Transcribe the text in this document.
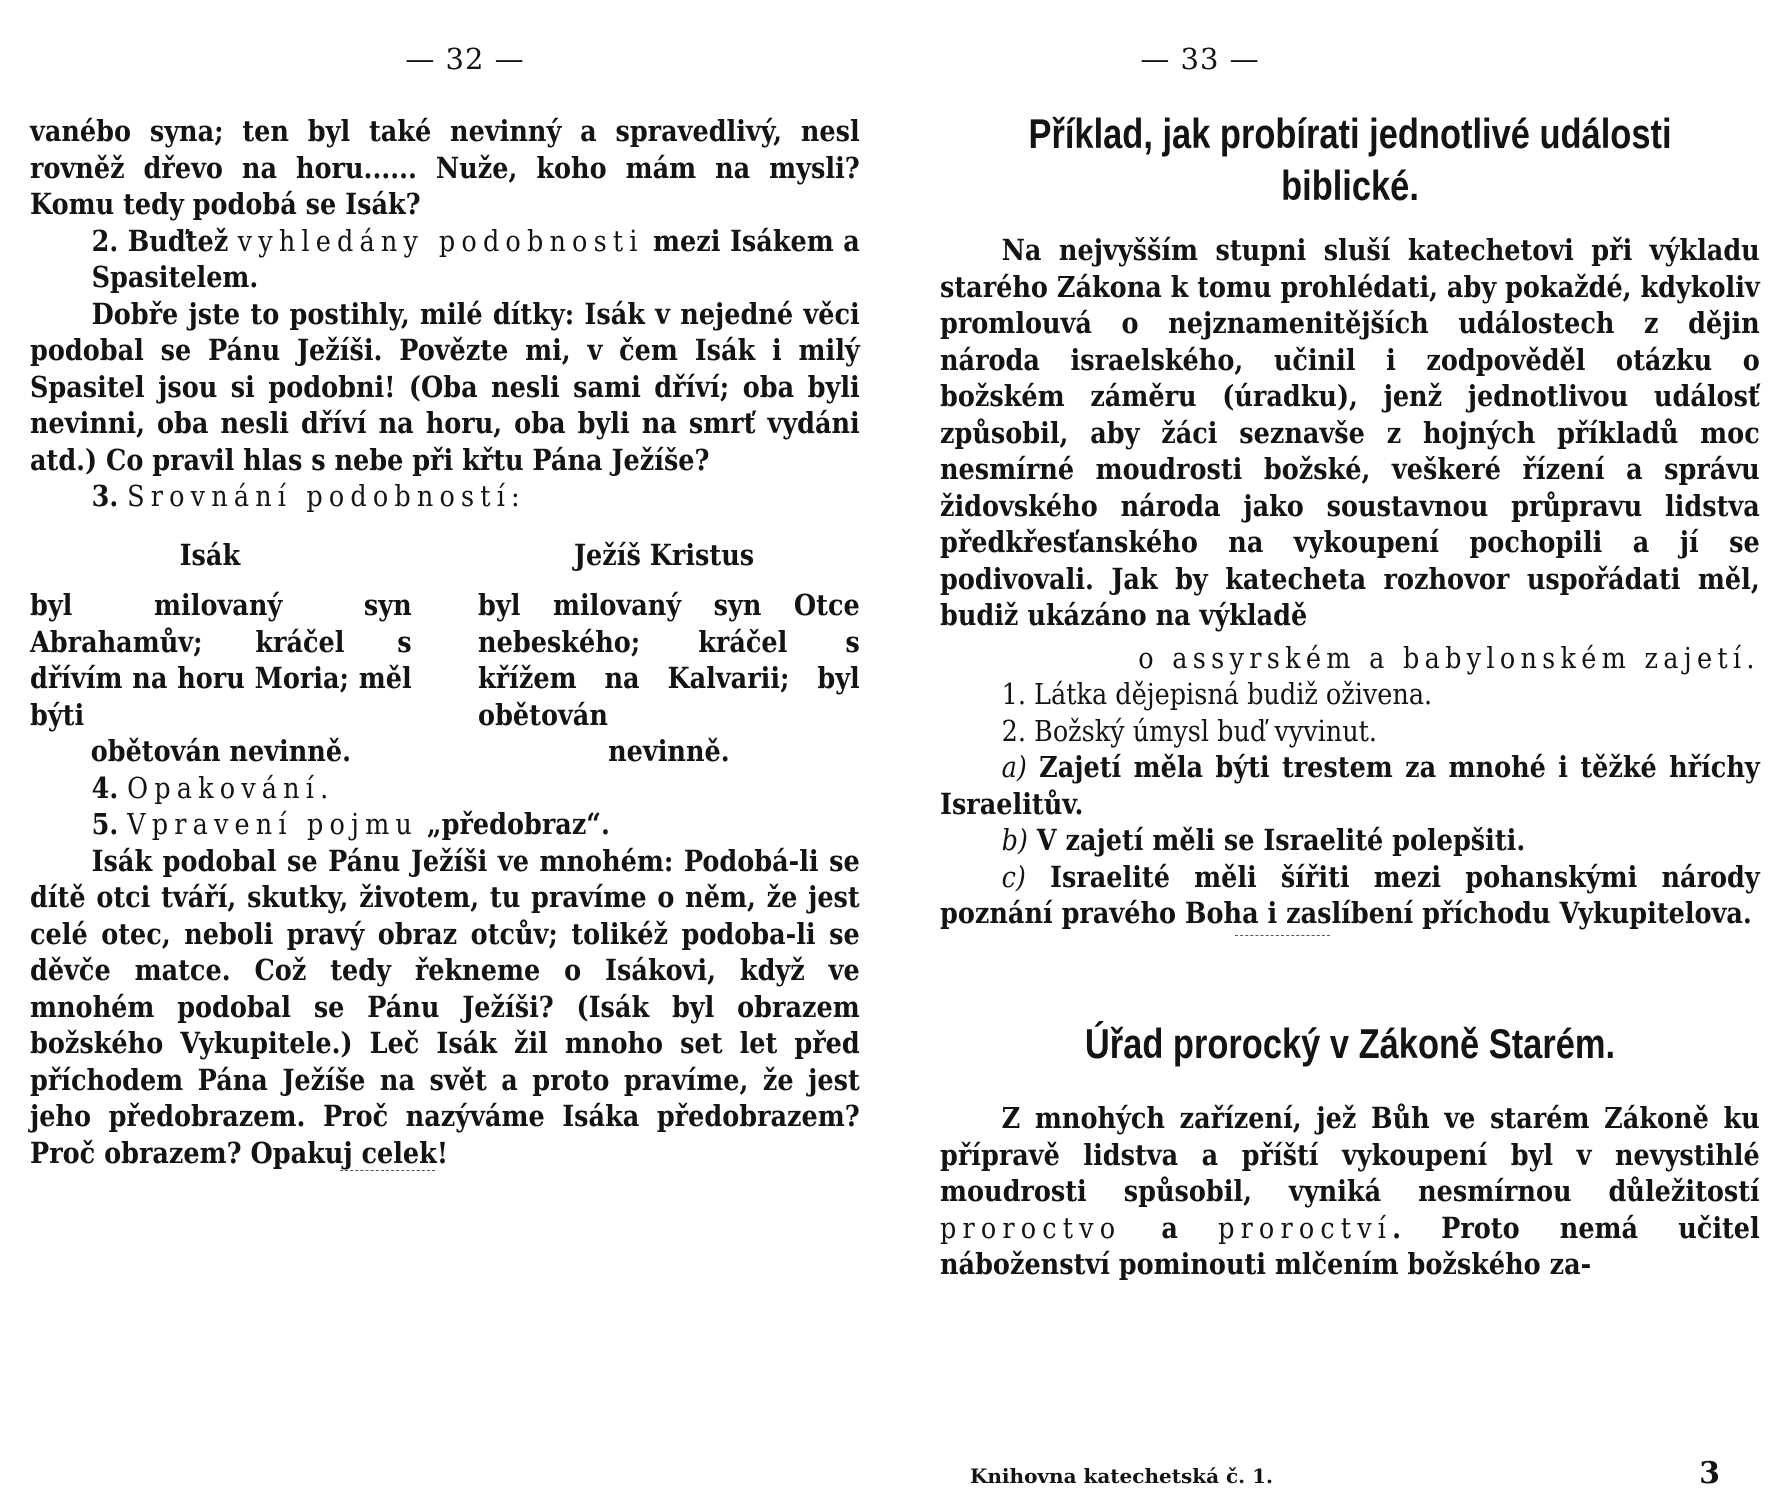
— 32 —

vanébo syna; ten byl také nevinný a spravedlivý, nesl rovněž dřevo na horu...... Nuže, koho mám na mysli? Komu tedy podobá se Isák?

2. Buďtež vyhledány podobnosti mezi Isákem a Spasitelem.

Dobře jste to postihly, milé dítky: Isák v nejedné věci podobal se Pánu Ježíši. Povězte mi, v čem Isák i milý Spasitel jsou si podobni! (Oba nesli sami dříví; oba byli nevinni, oba nesli dříví na horu, oba byli na smrť vydáni atd.) Co pravil hlas s nebe při křtu Pána Ježíše?

3. Srovnání podobností:

Isák	Ježíš Kristus
byl milovaný syn Abrahamův; kráčel s dřívím na horu Moria; měl býti
obětován nevinně.
byl milovaný syn Otce nebeského; kráčel s křížem na Kalvarii; byl obětován
nevinně.

4. Opakování.

5. Vpravení pojmu „předobraz“.

Isák podobal se Pánu Ježíši ve mnohém: Podobá-li se dítě otci tváří, skutky, životem, tu pravíme o něm, že jest celé otec, neboli pravý obraz otcův; tolikéž podoba-li se děvče matce. Což tedy řekneme o Isákovi, když ve mnohém podobal se Pánu Ježíši? (Isák byl obrazem božského Vykupitele.) Leč Isák žil mnoho set let před příchodem Pána Ježíše na svět a proto pravíme, že jest jeho předobrazem. Proč nazýváme Isáka předobrazem? Proč obrazem? Opakuj celek!

— 33 —
Příklad, jak probírati jednotlivé události biblické.

Na nejvyšším stupni sluší katechetovi při výkladu starého Zákona k tomu prohlédati, aby pokaždé, kdykoliv promlouvá o nejznamenitějších událostech z dějin národa israelského, učinil i zodpověděl otázku o božském záměru (úradku), jenž jednotlivou událosť způsobil, aby žáci seznavše z hojných příkladů moc nesmírné moudrosti božské, veškeré řízení a správu židovského národa jako soustavnou průpravu lidstva předkřesťanského na vykoupení pochopili a jí se podivovali. Jak by katecheta rozhovor uspořádati měl, budiž ukázáno na výkladě

o assyrském a babylonském zajetí.

1. Látka dějepisná budiž oživena.

2. Božský úmysl buď vyvinut.

a) Zajetí měla býti trestem za mnohé i těžké hříchy Israelitův.

b) V zajetí měli se Israelité polepšiti.

c) Israelité měli šířiti mezi pohanskými národy poznání pravého Boha i zaslíbení příchodu Vykupitelova.

Úřad prorocký v Zákoně Starém.

Z mnohých zařízení, jež Bůh ve starém Zákoně ku přípravě lidstva a příští vykoupení byl v nevystihlé moudrosti spůsobil, vyniká nesmírnou důležitostí proroctvo a proroctví. Proto nemá učitel náboženství pominouti mlčením božského za-

Knihovna katechetská č. 1.	3
